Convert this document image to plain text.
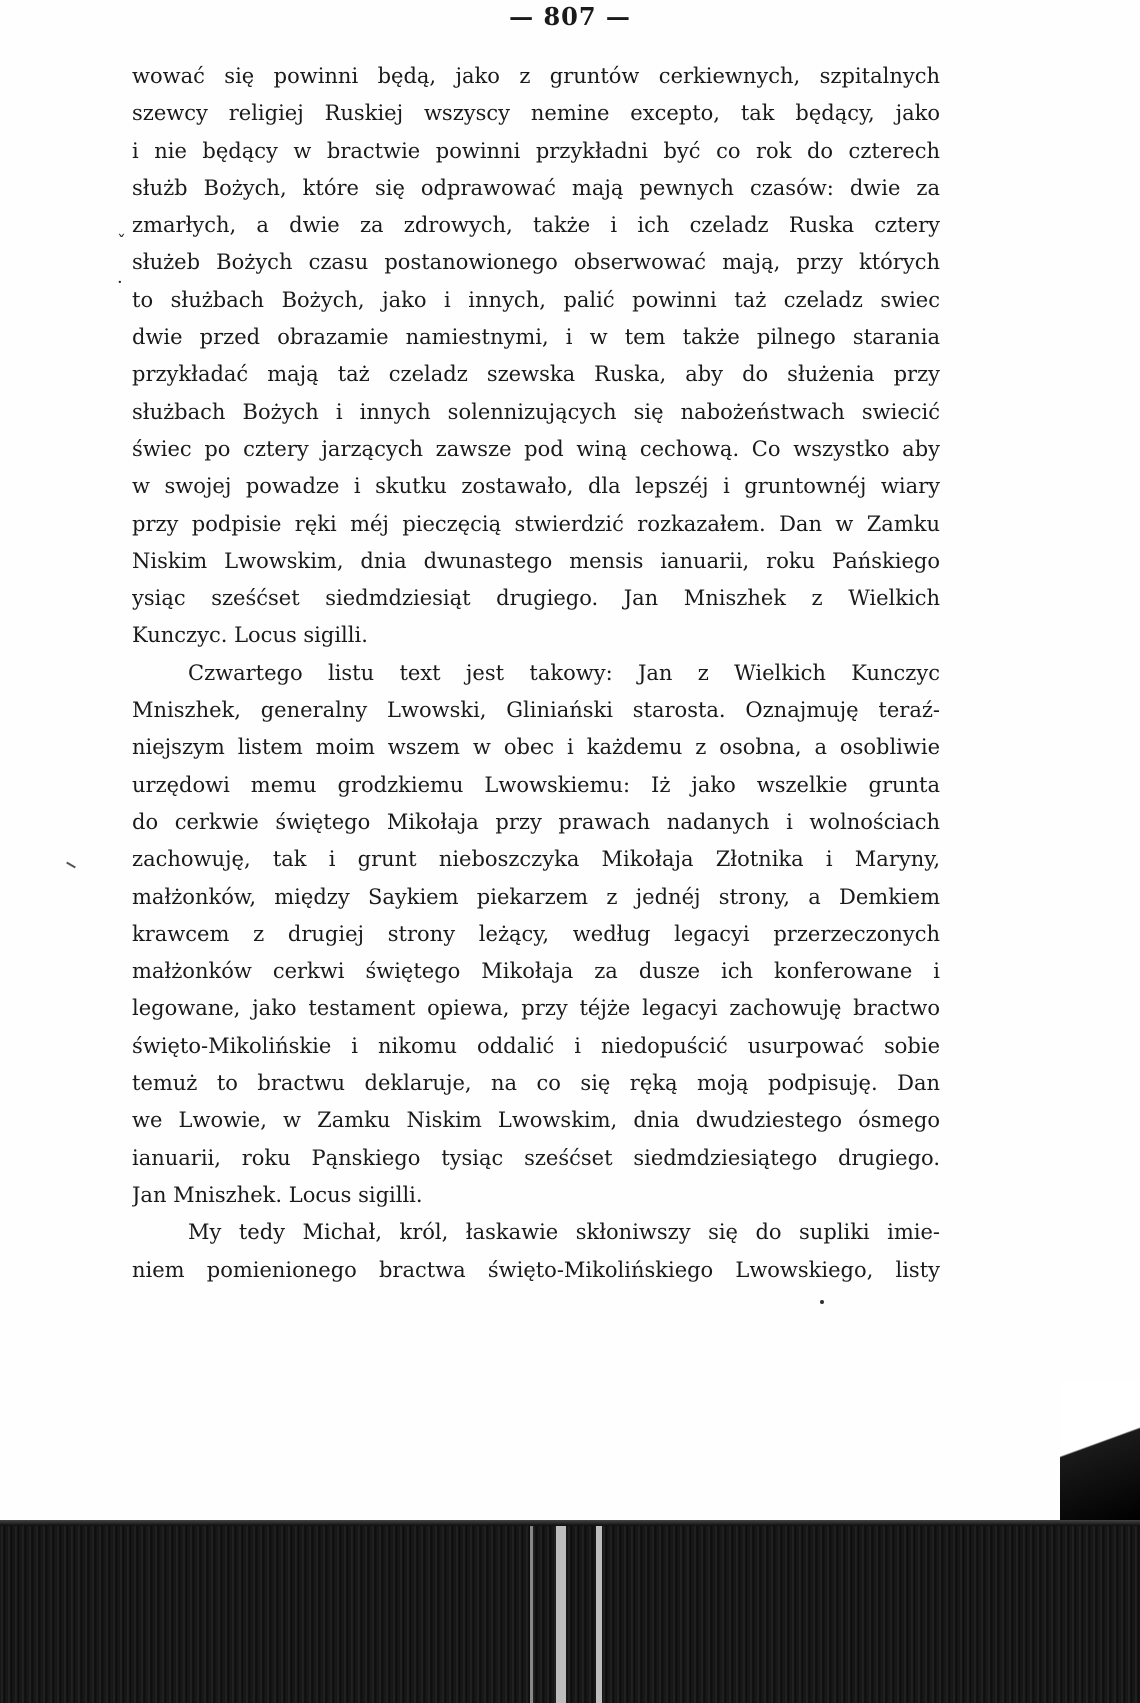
— 807 —
ˇ
·

wować się powinni będą, jako z gruntów cerkiewnych, szpitalnych

szewcy religiej Ruskiej wszyscy nemine excepto, tak będący, jako

i nie będący w bractwie powinni przykładni być co rok do czterech

służb Bożych, które się odprawować mają pewnych czasów: dwie za

zmarłych, a dwie za zdrowych, także i ich czeladz Ruska cztery

służeb Bożych czasu postanowionego obserwować mają, przy których

to służbach Bożych, jako i innych, palić powinni taż czeladz swiec

dwie przed obrazamie namiestnymi, i w tem także pilnego starania

przykładać mają taż czeladz szewska Ruska, aby do służenia przy

służbach Bożych i innych solennizujących się nabożeństwach swiecić

świec po cztery jarzących zawsze pod winą cechową. Co wszystko aby

w swojej powadze i skutku zostawało, dla lepszéj i gruntownéj wiary

przy podpisie ręki méj pieczęcią stwierdzić rozkazałem. Dan w Zamku

Niskim Lwowskim, dnia dwunastego mensis ianuarii, roku Pańskiego

ysiąc sześćset siedmdziesiąt drugiego. Jan Mniszhek z Wielkich

Kunczyc. Locus sigilli.

Czwartego listu text jest takowy: Jan z Wielkich Kunczyc

Mniszhek, generalny Lwowski, Gliniański starosta. Oznajmuję teraź-

niejszym listem moim wszem w obec i każdemu z osobna, a osobliwie

urzędowi memu grodzkiemu Lwowskiemu: Iż jako wszelkie grunta

do cerkwie świętego Mikołaja przy prawach nadanych i wolnościach

zachowuję, tak i grunt nieboszczyka Mikołaja Złotnika i Maryny,

małżonków, między Saykiem piekarzem z jednéj strony, a Demkiem

krawcem z drugiej strony leżący, według legacyi przerzeczonych

małżonków cerkwi świętego Mikołaja za dusze ich konferowane i

legowane, jako testament opiewa, przy téjże legacyi zachowuję bractwo

święto-Mikolińskie i nikomu oddalić i niedopuścić usurpować sobie

temuż to bractwu deklaruje, na co się ręką moją podpisuję. Dan

we Lwowie, w Zamku Niskim Lwowskim, dnia dwudziestego ósmego

ianuarii, roku Pąnskiego tysiąc sześćset siedmdziesiątego drugiego.

Jan Mniszhek. Locus sigilli.

My tedy Michał, król, łaskawie skłoniwszy się do supliki imie-

niem pomienionego bractwa święto-Mikolińskiego Lwowskiego, listy
